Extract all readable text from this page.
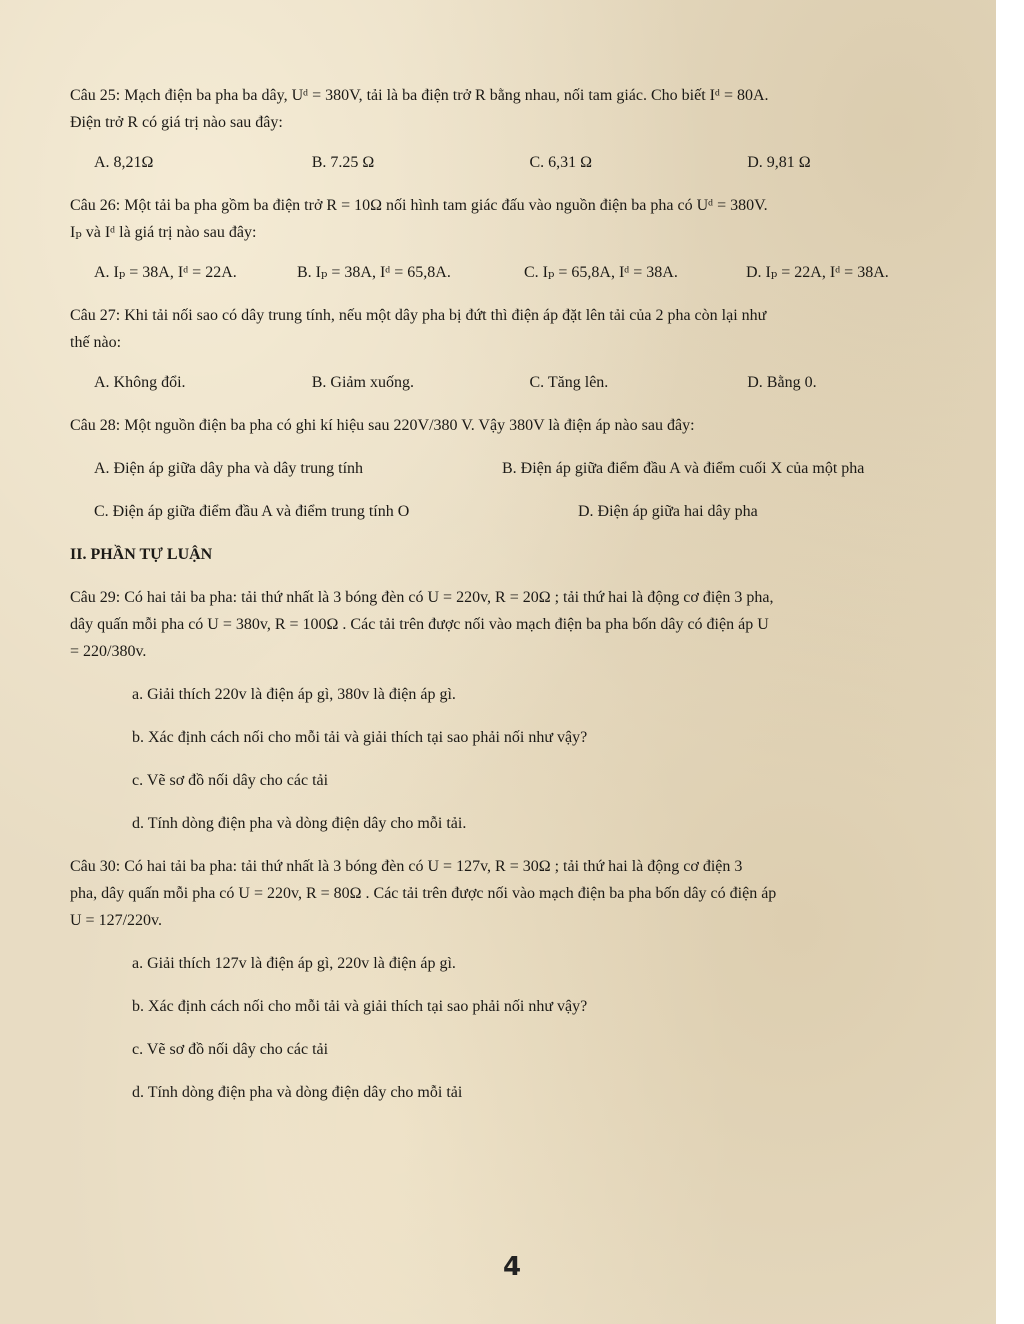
Câu 25: Mạch điện ba pha ba dây, Uᵈ = 380V, tải là ba điện trở R bằng nhau, nối tam giác. Cho biết Iᵈ = 80A.

Điện trở R có giá trị nào sau đây:

A. 8,21Ω	B. 7.25 Ω	C. 6,31 Ω	D. 9,81 Ω

Câu 26: Một tải ba pha gồm ba điện trở R = 10Ω nối hình tam giác đấu vào nguồn điện ba pha có Uᵈ = 380V.

Iₚ và Iᵈ là giá trị nào sau đây:

A. Iₚ = 38A, Iᵈ = 22A.	B. Iₚ = 38A, Iᵈ = 65,8A.	C. Iₚ = 65,8A, Iᵈ = 38A.	D. Iₚ = 22A, Iᵈ = 38A.

Câu 27: Khi tải nối sao có dây trung tính, nếu một dây pha bị đứt thì điện áp đặt lên tải của 2 pha còn lại như

thế nào:

A. Không đổi.	B. Giảm xuống.	C. Tăng lên.	D. Bằng 0.

Câu 28: Một nguồn điện ba pha có ghi kí hiệu sau 220V/380 V. Vậy 380V là điện áp nào sau đây:

A. Điện áp giữa dây pha và dây trung tính	B. Điện áp giữa điểm đầu A và điểm cuối X của một pha
C. Điện áp giữa điểm đầu A và điểm trung tính O	D. Điện áp giữa hai dây pha

II. PHẦN TỰ LUẬN

Câu 29: Có hai tải ba pha: tải thứ nhất là 3 bóng đèn có U = 220v, R = 20Ω ; tải thứ hai là động cơ điện 3 pha,

dây quấn mỗi pha có U = 380v, R = 100Ω . Các tải trên được nối vào mạch điện ba pha bốn dây có điện áp U

= 220/380v.

a. Giải thích 220v là điện áp gì, 380v là điện áp gì.

b. Xác định cách nối cho mỗi tải và giải thích tại sao phải nối như vậy?

c. Vẽ sơ đồ nối dây cho các tải

d. Tính dòng điện pha và dòng điện dây cho mỗi tải.

Câu 30: Có hai tải ba pha: tải thứ nhất là 3 bóng đèn có U = 127v, R = 30Ω ; tải thứ hai là động cơ điện 3

pha, dây quấn mỗi pha có U = 220v, R = 80Ω . Các tải trên được nối vào mạch điện ba pha bốn dây có điện áp

U = 127/220v.

a. Giải thích 127v là điện áp gì, 220v là điện áp gì.

b. Xác định cách nối cho mỗi tải và giải thích tại sao phải nối như vậy?

c. Vẽ sơ đồ nối dây cho các tải

d. Tính dòng điện pha và dòng điện dây cho mỗi tải

4
